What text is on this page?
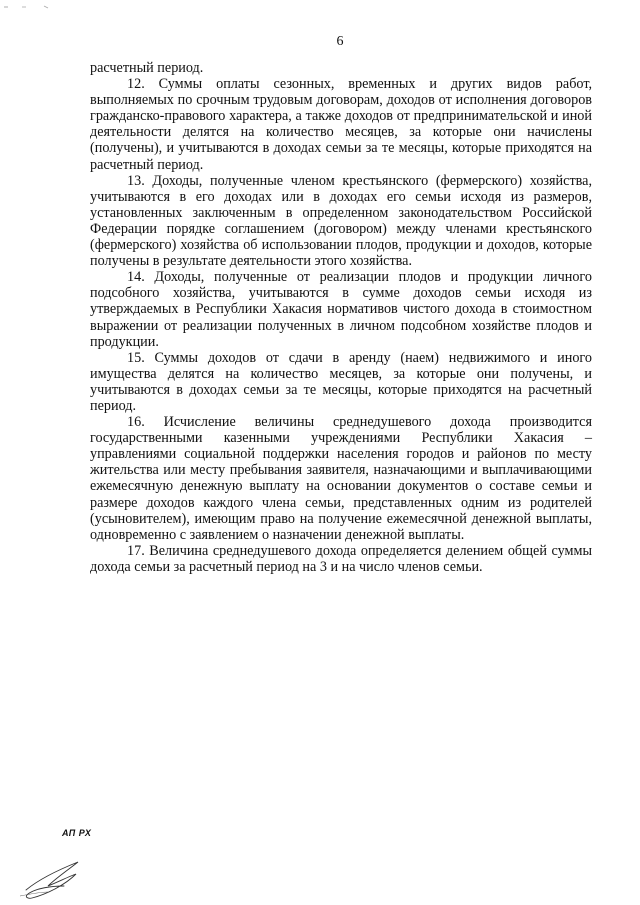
6

расчетный период.

12. Суммы оплаты сезонных, временных и других видов работ, выполняемых по срочным трудовым договорам, доходов от исполнения договоров гражданско-правового характера, а также доходов от предпринимательской и иной деятельности делятся на количество месяцев, за которые они начислены (получены), и учитываются в доходах семьи за те месяцы, которые приходятся на расчетный период.

13. Доходы, полученные членом крестьянского (фермерского) хозяйства, учитываются в его доходах или в доходах его семьи исходя из размеров, установленных заключенным в определенном законодательством Российской Федерации порядке соглашением (договором) между членами крестьянского (фермерского) хозяйства об использовании плодов, продукции и доходов, которые получены в результате деятельности этого хозяйства.

14. Доходы, полученные от реализации плодов и продукции личного подсобного хозяйства, учитываются в сумме доходов семьи исходя из утверждаемых в Республики Хакасия нормативов чистого дохода в стоимостном выражении от реализации полученных в личном подсобном хозяйстве плодов и продукции.

15. Суммы доходов от сдачи в аренду (наем) недвижимого и иного имущества делятся на количество месяцев, за которые они получены, и учитываются в доходах семьи за те месяцы, которые приходятся на расчетный период.

16. Исчисление величины среднедушевого дохода производится государственными казенными учреждениями Республики Хакасия – управлениями социальной поддержки населения городов и районов по месту жительства или месту пребывания заявителя, назначающими и выплачивающими ежемесячную денежную выплату на основании документов о составе семьи и размере доходов каждого члена семьи, представленных одним из родителей (усыновителем), имеющим право на получение ежемесячной денежной выплаты, одновременно с заявлением о назначении денежной выплаты.

17. Величина среднедушевого дохода определяется делением общей суммы дохода семьи за расчетный период на 3 и на число членов семьи.

АП РХ
